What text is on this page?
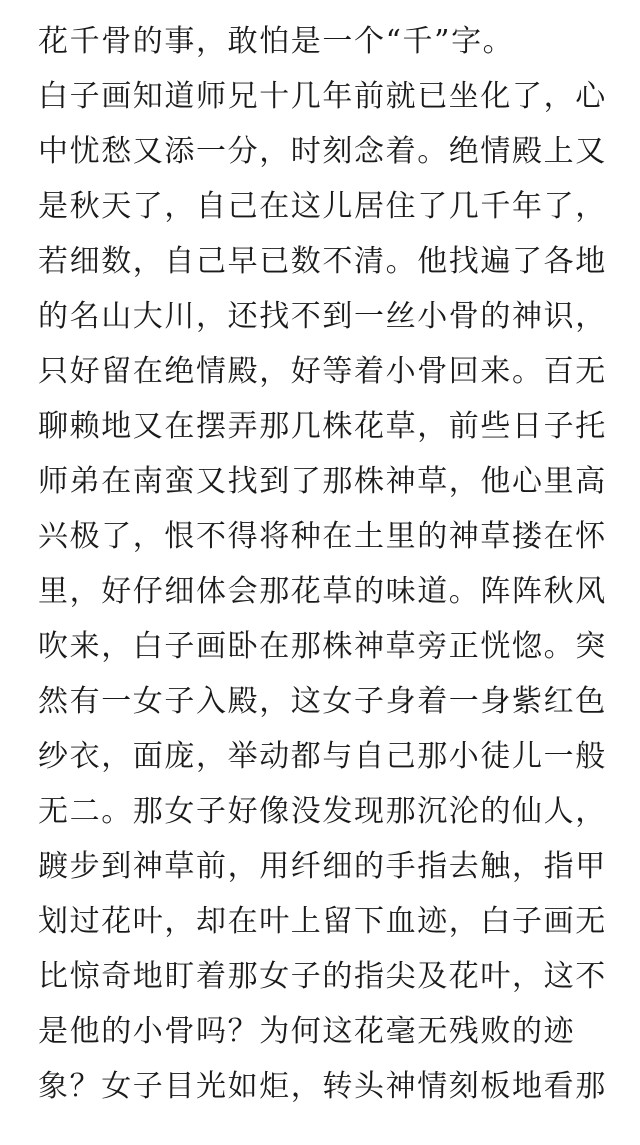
花千骨的事，敢怕是一个“千”字。
白子画知道师兄十几年前就已坐化了，心
中忧愁又添一分，时刻念着。绝情殿上又
是秋天了，自己在这儿居住了几千年了，
若细数，自己早已数不清。他找遍了各地
的名山大川，还找不到一丝小骨的神识，
只好留在绝情殿，好等着小骨回来。百无
聊赖地又在摆弄那几株花草，前些日子托
师弟在南蛮又找到了那株神草，他心里高
兴极了，恨不得将种在土里的神草搂在怀
里，好仔细体会那花草的味道。阵阵秋风
吹来，白子画卧在那株神草旁正恍惚。突
然有一女子入殿，这女子身着一身紫红色
纱衣，面庞，举动都与自己那小徒儿一般
无二。那女子好像没发现那沉沦的仙人，
踱步到神草前，用纤细的手指去触，指甲
划过花叶，却在叶上留下血迹，白子画无
比惊奇地盯着那女子的指尖及花叶，这不
是他的小骨吗？为何这花毫无残败的迹
象？女子目光如炬，转头神情刻板地看那
